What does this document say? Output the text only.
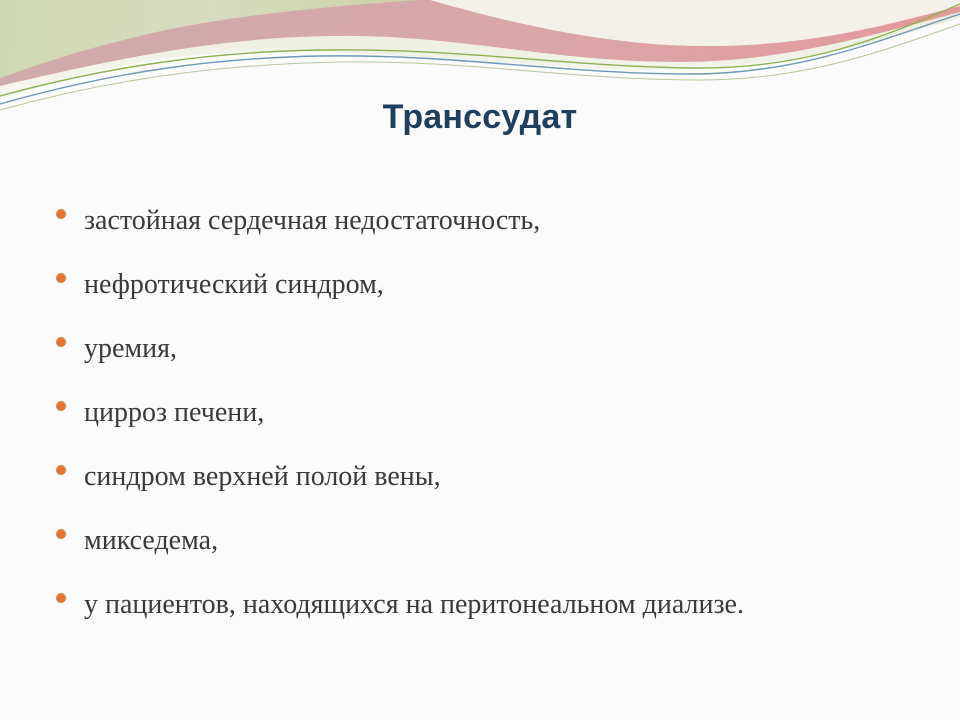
Транссудат
застойная сердечная недостаточность,
нефротический синдром,
уремия,
цирроз печени,
синдром верхней полой вены,
микседема,
у пациентов, находящихся на перитонеальном диализе.
